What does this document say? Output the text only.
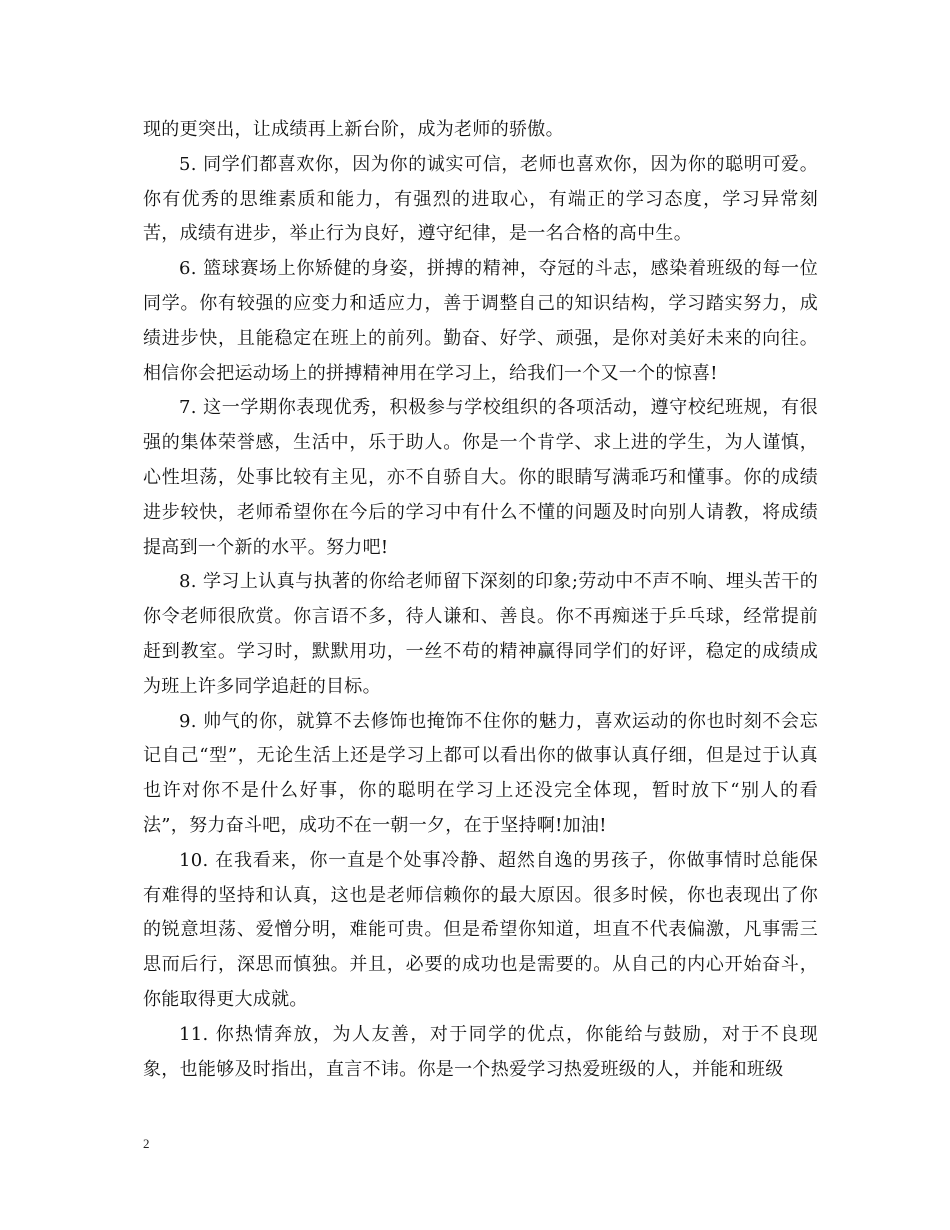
现的更突出，让成绩再上新台阶，成为老师的骄傲。

5. 同学们都喜欢你，因为你的诚实可信，老师也喜欢你，因为你的聪明可爱。你有优秀的思维素质和能力，有强烈的进取心，有端正的学习态度，学习异常刻苦，成绩有进步，举止行为良好，遵守纪律，是一名合格的高中生。

6. 篮球赛场上你矫健的身姿，拼搏的精神，夺冠的斗志，感染着班级的每一位同学。你有较强的应变力和适应力，善于调整自己的知识结构，学习踏实努力，成绩进步快，且能稳定在班上的前列。勤奋、好学、顽强，是你对美好未来的向往。相信你会把运动场上的拼搏精神用在学习上，给我们一个又一个的惊喜!

7. 这一学期你表现优秀，积极参与学校组织的各项活动，遵守校纪班规，有很强的集体荣誉感，生活中，乐于助人。你是一个肯学、求上进的学生，为人谨慎，心性坦荡，处事比较有主见，亦不自骄自大。你的眼睛写满乖巧和懂事。你的成绩进步较快，老师希望你在今后的学习中有什么不懂的问题及时向别人请教，将成绩提高到一个新的水平。努力吧!

8. 学习上认真与执著的你给老师留下深刻的印象;劳动中不声不响、埋头苦干的你令老师很欣赏。你言语不多，待人谦和、善良。你不再痴迷于乒乓球，经常提前赶到教室。学习时，默默用功，一丝不苟的精神赢得同学们的好评，稳定的成绩成为班上许多同学追赶的目标。

9. 帅气的你，就算不去修饰也掩饰不住你的魅力，喜欢运动的你也时刻不会忘记自己“型”，无论生活上还是学习上都可以看出你的做事认真仔细，但是过于认真也许对你不是什么好事，你的聪明在学习上还没完全体现，暂时放下“别人的看法”，努力奋斗吧，成功不在一朝一夕，在于坚持啊!加油!

10. 在我看来，你一直是个处事冷静、超然自逸的男孩子，你做事情时总能保有难得的坚持和认真，这也是老师信赖你的最大原因。很多时候，你也表现出了你的锐意坦荡、爱憎分明，难能可贵。但是希望你知道，坦直不代表偏激，凡事需三思而后行，深思而慎独。并且，必要的成功也是需要的。从自己的内心开始奋斗，你能取得更大成就。

11. 你热情奔放，为人友善，对于同学的优点，你能给与鼓励，对于不良现象，也能够及时指出，直言不讳。你是一个热爱学习热爱班级的人，并能和班级

2
